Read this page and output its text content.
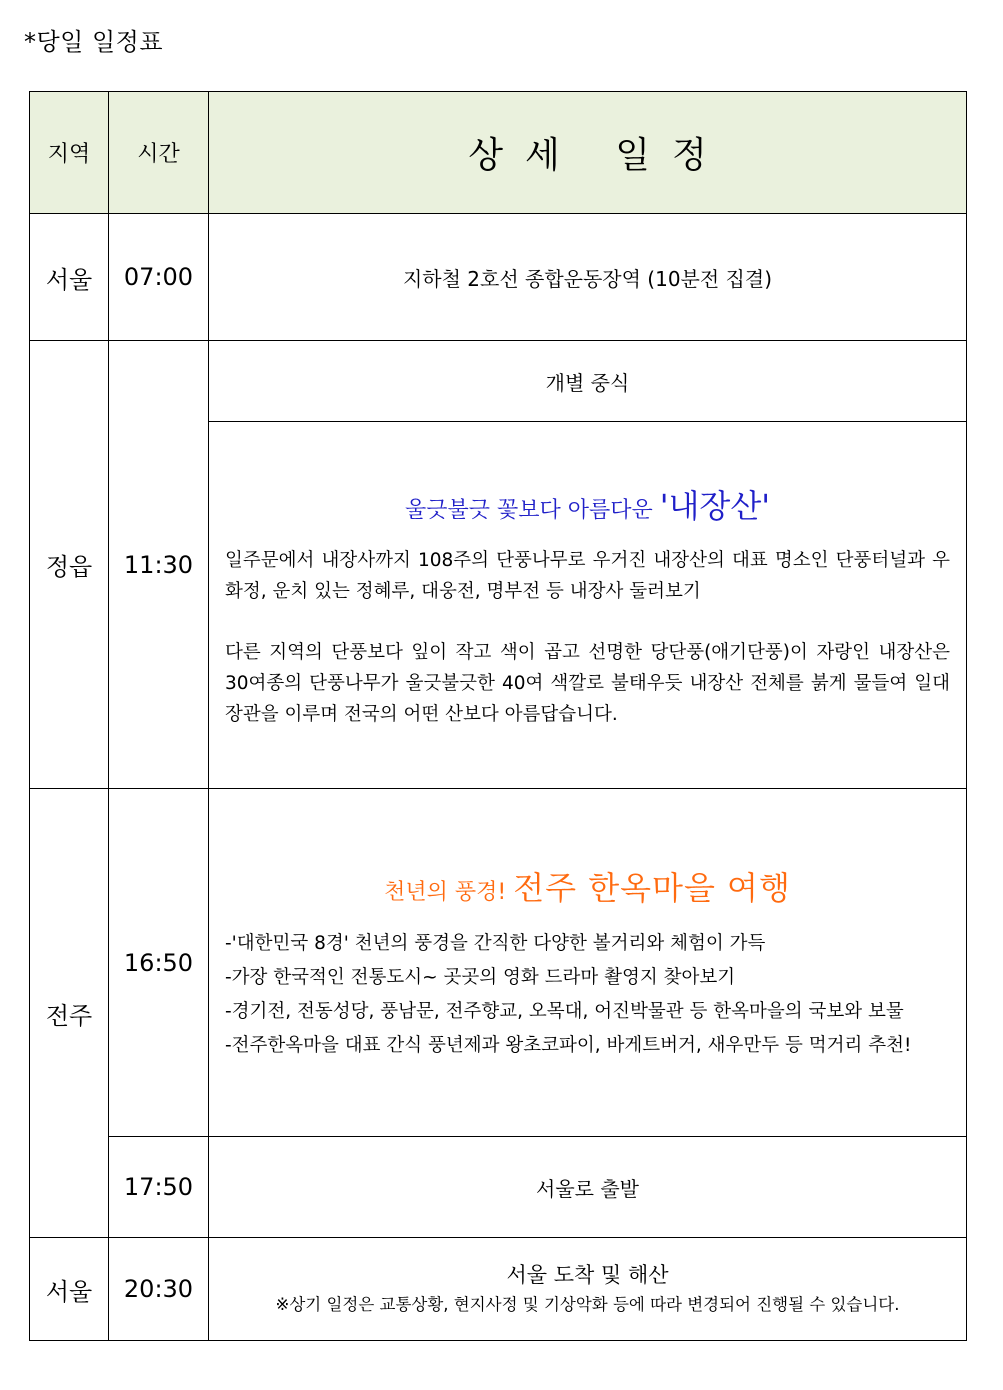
*당일 일정표
지역	시간	상세 일정
서울	07:00	지하철 2호선 종합운동장역 (10분전 집결)
정읍	11:30	개별 중식

		울긋불긋 꽃보다 아름다운 '내장산'

일주문에서 내장사까지 108주의 단풍나무로 우거진 내장산의 대표 명소인 단풍터널과 우화정, 운치 있는 정혜루, 대웅전, 명부전 등 내장사 둘러보기

다른 지역의 단풍보다 잎이 작고 색이 곱고 선명한 당단풍(애기단풍)이 자랑인 내장산은 30여종의 단풍나무가 울긋불긋한 40여 색깔로 불태우듯 내장산 전체를 붉게 물들여 일대 장관을 이루며 전국의 어떤 산보다 아름답습니다.

전주	16:50	천년의 풍경! 전주 한옥마을 여행

-'대한민국 8경' 천년의 풍경을 간직한 다양한 볼거리와 체험이 가득

-가장 한국적인 전통도시~ 곳곳의 영화 드라마 촬영지 찾아보기

-경기전, 전동성당, 풍남문, 전주향교, 오목대, 어진박물관 등 한옥마을의 국보와 보물

-전주한옥마을 대표 간식 풍년제과 왕초코파이, 바게트버거, 새우만두 등 먹거리 추천!

	17:50	서울로 출발
서울	20:30	서울 도착 및 해산
※상기 일정은 교통상황, 현지사정 및 기상악화 등에 따라 변경되어 진행될 수 있습니다.
